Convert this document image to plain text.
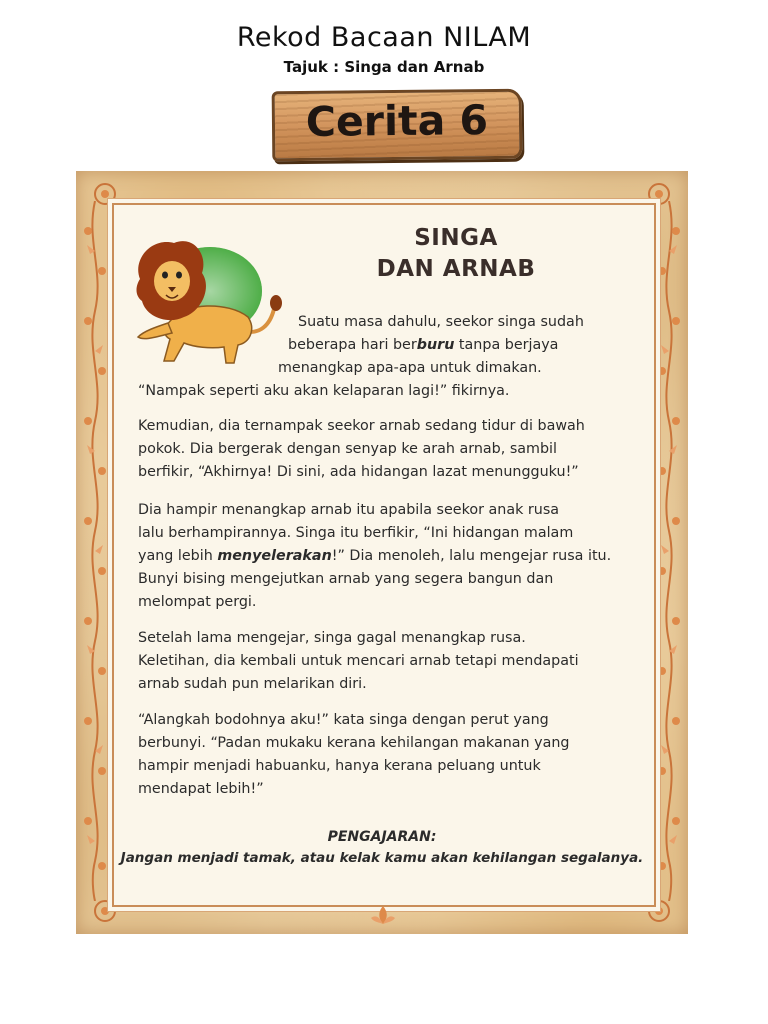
Rekod Bacaan NILAM
Tajuk : Singa dan Arnab
Cerita 6
SINGA
DAN ARNAB

Suatu masa dahulu, seekor singa sudah

beberapa hari berburu tanpa berjaya

menangkap apa-apa untuk dimakan.

“Nampak seperti aku akan kelaparan lagi!” fikirnya.

Kemudian, dia ternampak seekor arnab sedang tidur di bawah
pokok. Dia bergerak dengan senyap ke arah arnab, sambil
berfikir, “Akhirnya! Di sini, ada hidangan lazat menungguku!”

Dia hampir menangkap arnab itu apabila seekor anak rusa
lalu berhampirannya. Singa itu berfikir, “Ini hidangan malam
yang lebih menyelerakan!” Dia menoleh, lalu mengejar rusa itu.
Bunyi bising mengejutkan arnab yang segera bangun dan
melompat pergi.

Setelah lama mengejar, singa gagal menangkap rusa.
Keletihan, dia kembali untuk mencari arnab tetapi mendapati
arnab sudah pun melarikan diri.

“Alangkah bodohnya aku!” kata singa dengan perut yang
berbunyi. “Padan mukaku kerana kehilangan makanan yang
hampir menjadi habuanku, hanya kerana peluang untuk
mendapat lebih!”

PENGAJARAN:
Jangan menjadi tamak, atau kelak kamu akan kehilangan segalanya.
